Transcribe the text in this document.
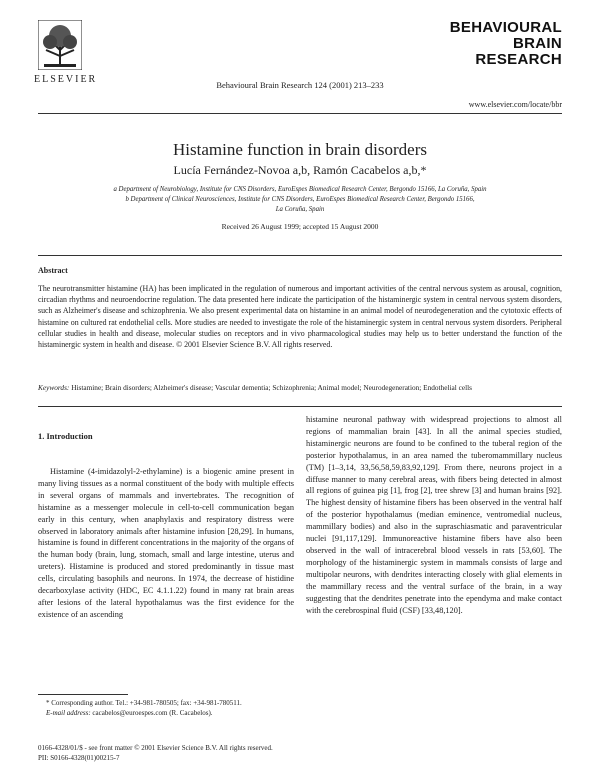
ELSEVIER
BEHAVIOURAL
BRAIN
RESEARCH
Behavioural Brain Research 124 (2001) 213–233
www.elsevier.com/locate/bbr
Histamine function in brain disorders
Lucía Fernández-Novoa a,b, Ramón Cacabelos a,b,*
a Department of Neurobiology, Institute for CNS Disorders, EuroEspes Biomedical Research Center, Bergondo 15166, La Coruña, Spain
b Department of Clinical Neurosciences, Institute for CNS Disorders, EuroEspes Biomedical Research Center, Bergondo 15166,
La Coruña, Spain
Received 26 August 1999; accepted 15 August 2000
Abstract
The neurotransmitter histamine (HA) has been implicated in the regulation of numerous and important activities of the central nervous system as arousal, cognition, circadian rhythms and neuroendocrine regulation. The data presented here indicate the participation of the histaminergic system in central nervous system disorders, such as Alzheimer's disease and schizophrenia. We also present experimental data on histamine in an animal model of neurodegeneration and the cytotoxic effects of histamine on cultured rat endothelial cells. More studies are needed to investigate the role of the histaminergic system in central nervous system disorders. Peripheral cellular studies in health and disease, molecular studies on receptors and in vivo pharmacological studies may help us to better understand the function of the histaminergic system in health and disease. © 2001 Elsevier Science B.V. All rights reserved.
Keywords: Histamine; Brain disorders; Alzheimer's disease; Vascular dementia; Schizophrenia; Animal model; Neurodegeneration; Endothelial cells
1. Introduction

Histamine (4-imidazolyl-2-ethylamine) is a biogenic amine present in many living tissues as a normal constituent of the body with multiple effects in several organs of mammals and invertebrates. The recognition of histamine as a messenger molecule in cell-to-cell communication began early in this century, when anaphylaxis and respiratory distress were observed in laboratory animals after histamine infusion [28,29]. In humans, histamine is found in different concentrations in the majority of the organs of the human body (brain, lung, stomach, small and large intestine, uterus and ureters). Histamine is produced and stored predominantly in tissue mast cells, circulating basophils and neurons. In 1974, the decrease of histidine decarboxylase activity (HDC, EC 4.1.1.22) found in many rat brain areas after lesions of the lateral hypothalamus was the first evidence for the existence of an ascending

histamine neuronal pathway with widespread projections to almost all regions of mammalian brain [43]. In all the animal species studied, histaminergic neurons are found to be confined to the tuberal region of the posterior hypothalamus, in an area named the tuberomammillary nucleus (TM) [1–3,14, 33,56,58,59,83,92,129]. From there, neurons project in a diffuse manner to many cerebral areas, with fibers being detected in almost all regions of guinea pig [1], frog [2], tree shrew [3] and human brains [92]. The highest density of histamine fibers has been observed in the ventral half of the posterior hypothalamus (median eminence, ventromedial nucleus, mammillary bodies) and also in the supraschiasmatic and paraventricular nuclei [91,117,129]. Immunoreactive histamine fibers have also been observed in the wall of intracerebral blood vessels in rats [53,60]. The morphology of the histaminergic system in mammals consists of large and multipolar neurons, with dendrites interacting closely with glial elements in the mammillary recess and the ventral surface of the brain, in a way suggesting that the dendrites penetrate into the ependyma and make contact with the cerebrospinal fluid (CSF) [33,48,120].

* Corresponding author. Tel.: +34-981-780505; fax: +34-981-780511.
E-mail address: cacabelos@euroespes.com (R. Cacabelos).
0166-4328/01/$ - see front matter © 2001 Elsevier Science B.V. All rights reserved.
PII: S0166-4328(01)00215-7
